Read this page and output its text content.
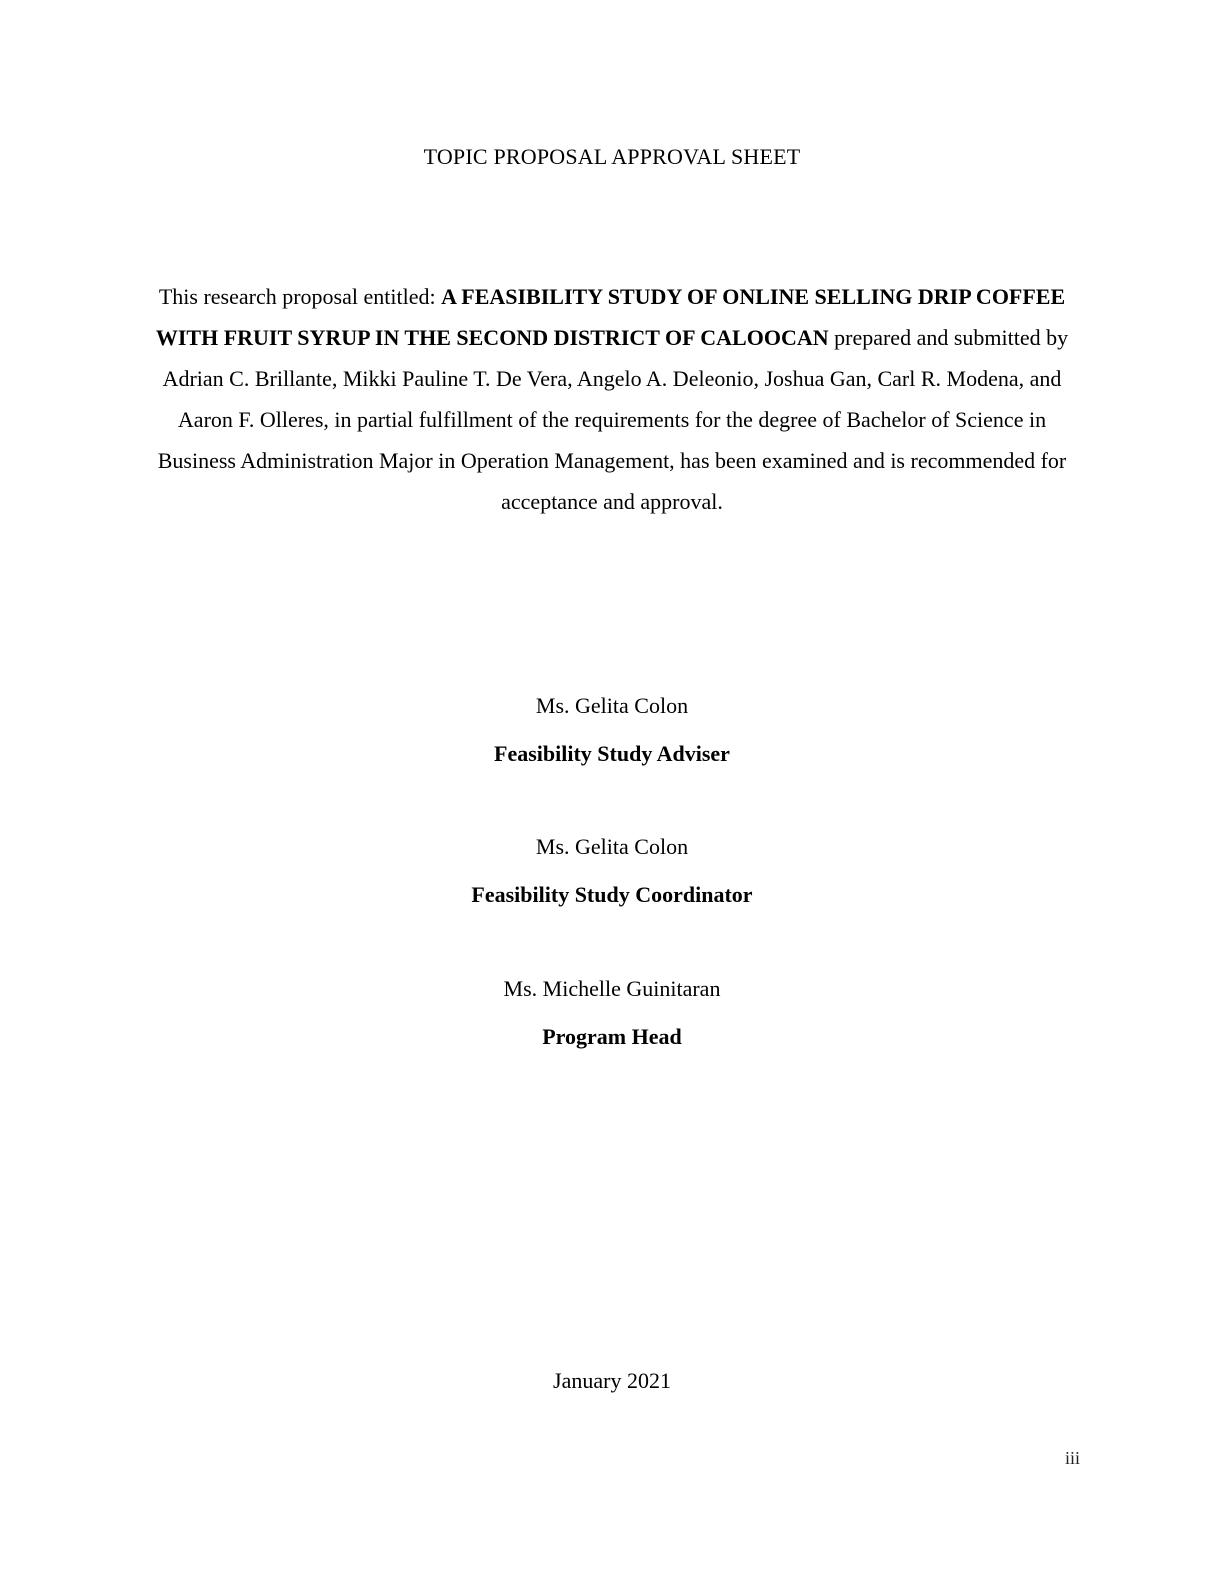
TOPIC PROPOSAL APPROVAL SHEET
This research proposal entitled: A FEASIBILITY STUDY OF ONLINE SELLING DRIP COFFEE WITH FRUIT SYRUP IN THE SECOND DISTRICT OF CALOOCAN prepared and submitted by Adrian C. Brillante, Mikki Pauline T. De Vera, Angelo A. Deleonio, Joshua Gan, Carl R. Modena, and Aaron F. Olleres, in partial fulfillment of the requirements for the degree of Bachelor of Science in Business Administration Major in Operation Management, has been examined and is recommended for acceptance and approval.
Ms. Gelita Colon
Feasibility Study Adviser
Ms. Gelita Colon
Feasibility Study Coordinator
Ms. Michelle Guinitaran
Program Head
January 2021
iii
